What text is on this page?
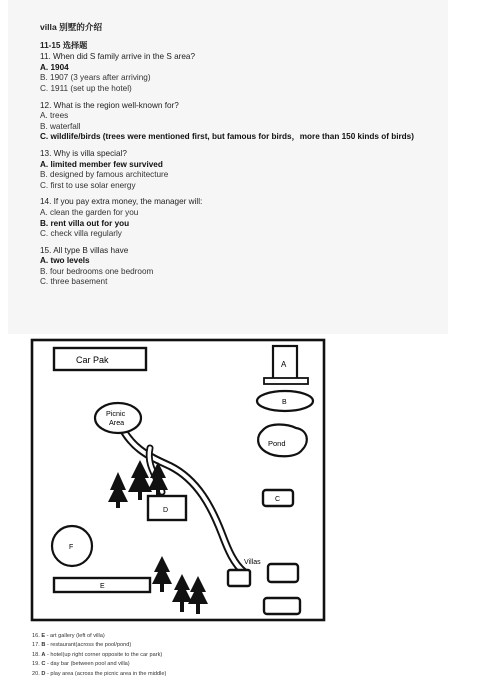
villa 别墅的介绍
11-15 选择题
11. When did S family arrive in the S area?
A. 1904
B. 1907 (3 years after arriving)
C. 1911 (set up the hotel)
12. What is the region well-known for?
A. trees
B. waterfall
C. wildlife/birds (trees were mentioned first, but famous for birds，more than 150 kinds of birds)
13. Why is villa special?
A. limited member few survived
B. designed by famous architecture
C. first to use solar energy
14. If you pay extra money, the manager will:
A. clean the garden for you
B. rent villa out for you
C. check villa regularly
15. All type B villas have
A. two levels
B. four bedrooms one bedroom
C. three basement
Car Pak	A
B
Pond
C
Picnic
Area
D
F
E
Villas
16. E - art gallery (left of villa)
17. B - restaurant(across the pool/pond)
18. A - hotel(up right corner opposite to the car park)
19. C - day bar (between pool and villa)
20. D - play area (across the picnic area in the middle)
